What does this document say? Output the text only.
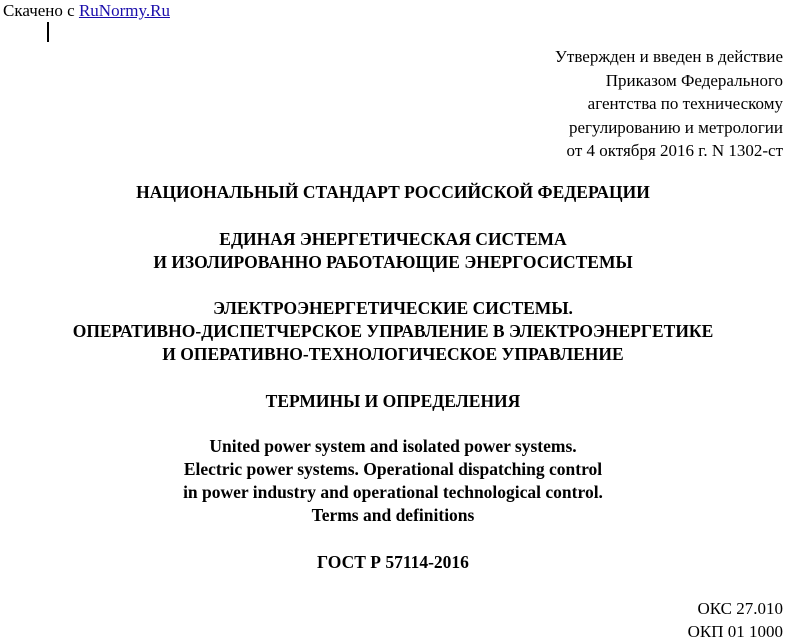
Скачено с RuNormy.Ru
Утвержден и введен в действие
Приказом Федерального
агентства по техническому
регулированию и метрологии
от 4 октября 2016 г. N 1302-ст
НАЦИОНАЛЬНЫЙ СТАНДАРТ РОССИЙСКОЙ ФЕДЕРАЦИИ
ЕДИНАЯ ЭНЕРГЕТИЧЕСКАЯ СИСТЕМА
И ИЗОЛИРОВАННО РАБОТАЮЩИЕ ЭНЕРГОСИСТЕМЫ
ЭЛЕКТРОЭНЕРГЕТИЧЕСКИЕ СИСТЕМЫ.
ОПЕРАТИВНО-ДИСПЕТЧЕРСКОЕ УПРАВЛЕНИЕ В ЭЛЕКТРОЭНЕРГЕТИКЕ
И ОПЕРАТИВНО-ТЕХНОЛОГИЧЕСКОЕ УПРАВЛЕНИЕ
ТЕРМИНЫ И ОПРЕДЕЛЕНИЯ
United power system and isolated power systems.
Electric power systems. Operational dispatching control
in power industry and operational technological control.
Terms and definitions
ГОСТ Р 57114-2016
ОКС 27.010
ОКП 01 1000
